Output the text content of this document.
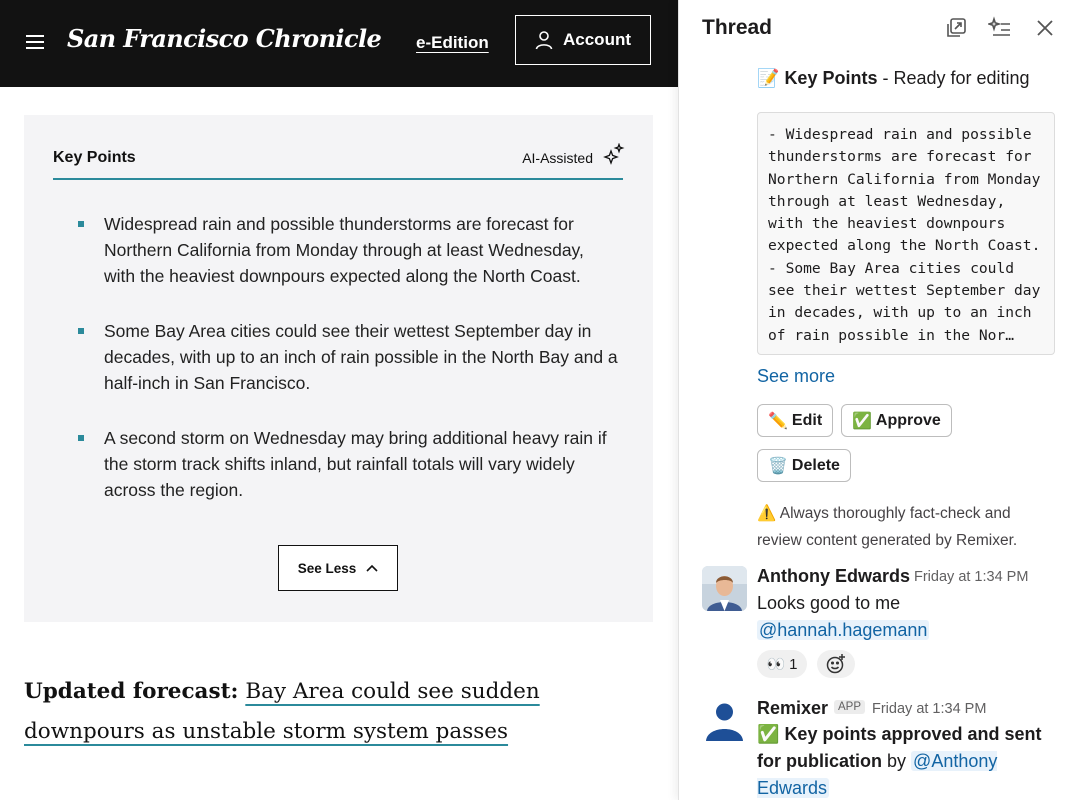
San Francisco Chronicle e-Edition	Account
Key Points	AI-Assisted
Widespread rain and possible thunderstorms are forecast for Northern California from Monday through at least Wednesday, with the heaviest downpours expected along the North Coast.
Some Bay Area cities could see their wettest September day in decades, with up to an inch of rain possible in the North Bay and a half-inch in San Francisco.
A second storm on Wednesday may bring additional heavy rain if the storm track shifts inland, but rainfall totals will vary widely across the region.
See Less
Updated forecast: Bay Area could see sudden downpours as unstable storm system passes
Thread
📝 Key Points - Ready for editing
- Widespread rain and possible
thunderstorms are forecast for
Northern California from Monday
through at least Wednesday,
with the heaviest downpours
expected along the North Coast.
- Some Bay Area cities could
see their wettest September day
in decades, with up to an inch
of rain possible in the Nor…
See more
✏️ Edit ✅ Approve
🗑️ Delete
⚠️ Always thoroughly fact-check and review content generated by Remixer.
Anthony Edwards Friday at 1:34 PM
Looks good to me
@hannah.hagemann
👀 1
Remixer APP Friday at 1:34 PM
✅ Key points approved and sent for publication by @Anthony Edwards
